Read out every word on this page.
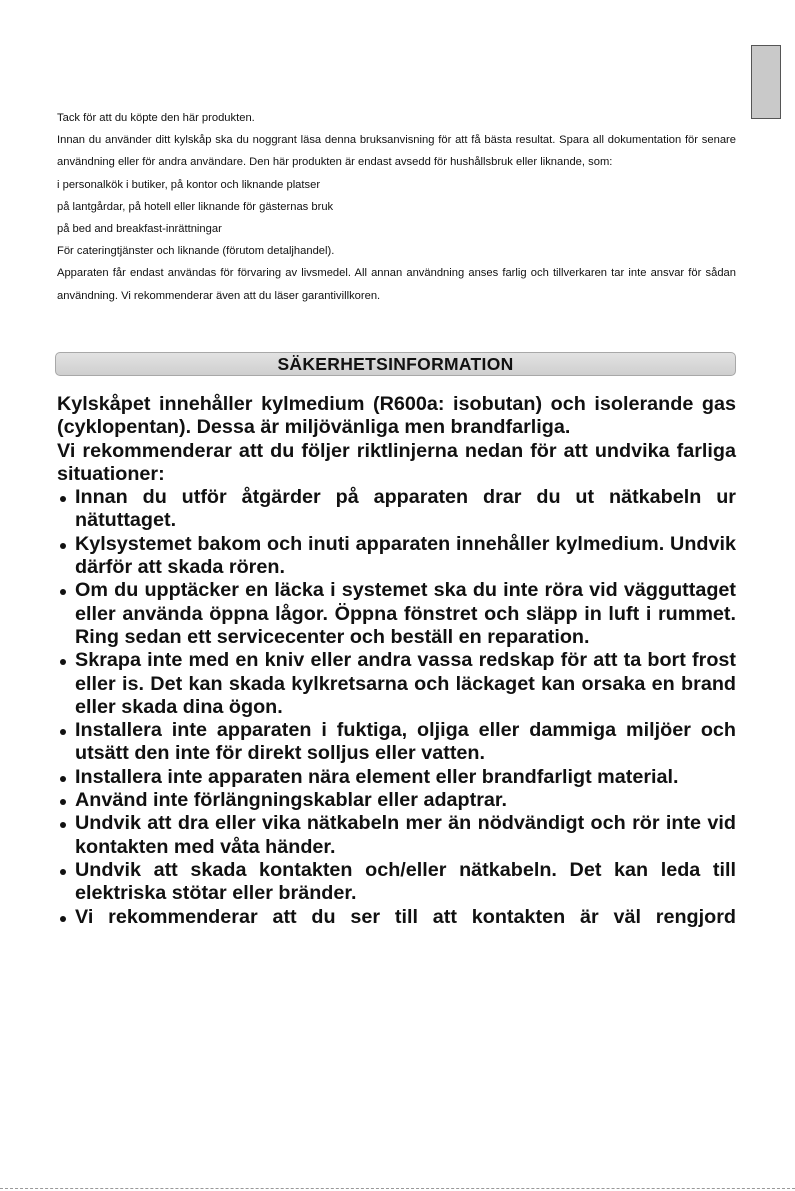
Tack för att du köpte den här produkten.

Innan du använder ditt kylskåp ska du noggrant läsa denna bruksanvisning för att få bästa resultat. Spara all dokumentation för senare användning eller för andra användare. Den här produkten är endast avsedd för hushållsbruk eller liknande, som:

i personalkök i butiker, på kontor och liknande platser

på lantgårdar, på hotell eller liknande för gästernas bruk

på bed and breakfast-inrättningar

För cateringtjänster och liknande (förutom detaljhandel).

Apparaten får endast användas för förvaring av livsmedel. All annan användning anses farlig och tillverkaren tar inte ansvar för sådan användning. Vi rekommenderar även att du läser garantivillkoren.

SÄKERHETSINFORMATION

Kylskåpet innehåller kylmedium (R600a: isobutan) och isolerande gas (cyklopentan). Dessa är miljövänliga men brandfarliga.

Vi rekommenderar att du följer riktlinjerna nedan för att undvika farliga situationer:

Innan du utför åtgärder på apparaten drar du ut nätkabeln ur nätuttaget.
Kylsystemet bakom och inuti apparaten innehåller kylmedium. Undvik därför att skada rören.
Om du upptäcker en läcka i systemet ska du inte röra vid vägguttaget eller använda öppna lågor. Öppna fönstret och släpp in luft i rummet. Ring sedan ett servicecenter och beställ en reparation.
Skrapa inte med en kniv eller andra vassa redskap för att ta bort frost eller is. Det kan skada kylkretsarna och läckaget kan orsaka en brand eller skada dina ögon.
Installera inte apparaten i fuktiga, oljiga eller dammiga miljöer och utsätt den inte för direkt solljus eller vatten.
Installera inte apparaten nära element eller brandfarligt material.
Använd inte förlängningskablar eller adaptrar.
Undvik att dra eller vika nätkabeln mer än nödvändigt och rör inte vid kontakten med våta händer.
Undvik att skada kontakten och/eller nätkabeln. Det kan leda till elektriska stötar eller bränder.
Vi rekommenderar att du ser till att kontakten är väl rengjord
